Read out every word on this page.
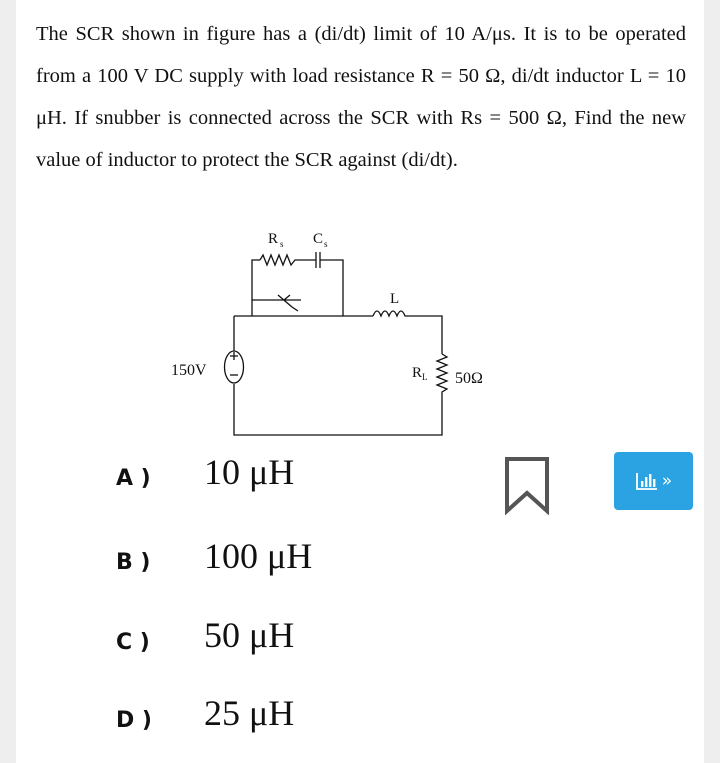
The SCR shown in figure has a (di/dt) limit of 10 A/μs. It is to be operated from a 100 V DC supply with load resistance R = 50 Ω, di/dt inductor L = 10 μH. If snubber is connected across the SCR with Rs = 500 Ω, Find the new value of inductor to protect the SCR against (di/dt).

R s C s
L
150V	R L 50Ω
A ) 10 μH
B ) 100 μH
C ) 50 μH
D ) 25 μH
»
